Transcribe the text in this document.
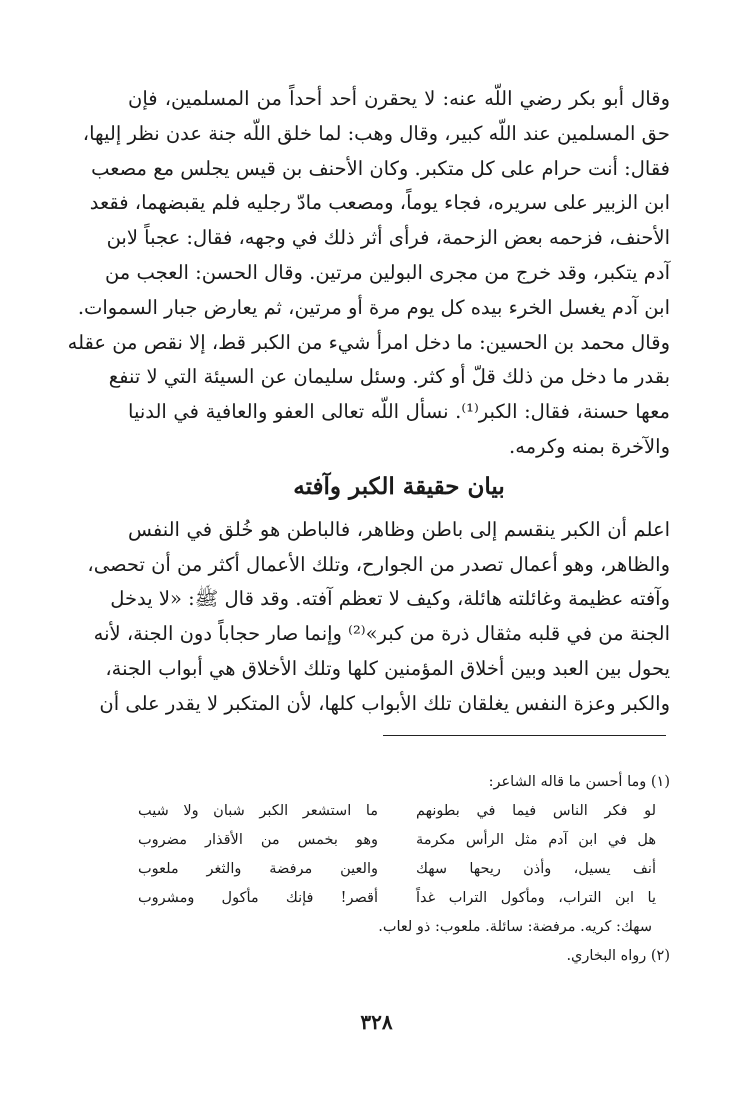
وقال أبو بكر رضي اللّه عنه: لا يحقرن أحد أحداً من المسلمين، فإن
حق المسلمين عند اللّه كبير، وقال وهب: لما خلق اللّه جنة عدن نظر إليها،
فقال: أنت حرام على كل متكبر. وكان الأحنف بن قيس يجلس مع مصعب
ابن الزبير على سريره، فجاء يوماً، ومصعب مادّ رجليه فلم يقبضهما، فقعد
الأحنف، فزحمه بعض الزحمة، فرأى أثر ذلك في وجهه، فقال: عجباً لابن
آدم يتكبر، وقد خرج من مجرى البولين مرتين. وقال الحسن: العجب من
ابن آدم يغسل الخرء بيده كل يوم مرة أو مرتين، ثم يعارض جبار السموات.
وقال محمد بن الحسين: ما دخل امرأ شيء من الكبر قط، إلا نقص من عقله
بقدر ما دخل من ذلك قلّ أو كثر. وسئل سليمان عن السيئة التي لا تنفع
معها حسنة، فقال: الكبر⁽¹⁾. نسأل اللّه تعالى العفو والعافية في الدنيا
والآخرة بمنه وكرمه.
بيان حقيقة الكبر وآفته
اعلم أن الكبر ينقسم إلى باطن وظاهر، فالباطن هو خُلق في النفس
والظاهر، وهو أعمال تصدر من الجوارح، وتلك الأعمال أكثر من أن تحصى،
وآفته عظيمة وغائلته هائلة، وكيف لا تعظم آفته. وقد قال ﷺ: «لا يدخل
الجنة من في قلبه مثقال ذرة من كبر»⁽²⁾ وإنما صار حجاباً دون الجنة، لأنه
يحول بين العبد وبين أخلاق المؤمنين كلها وتلك الأخلاق هي أبواب الجنة،
والكبر وعزة النفس يغلقان تلك الأبواب كلها، لأن المتكبر لا يقدر على أن
(١) وما أحسن ما قاله الشاعر:
لو فكر الناس فيما في بطونهم
ما استشعر الكبر شبان ولا شيب
هل في ابن آدم مثل الرأس مكرمة
وهو بخمس من الأقذار مضروب
أنف يسيل، وأذن ريحها سهك
والعين مرفضة والثغر ملعوب
يا ابن التراب، ومأكول التراب غداً
أقصر! فإنك مأكول ومشروب
سهك: كريه. مرفضة: سائلة. ملعوب: ذو لعاب.
(٢) رواه البخاري.
٣٢٨
